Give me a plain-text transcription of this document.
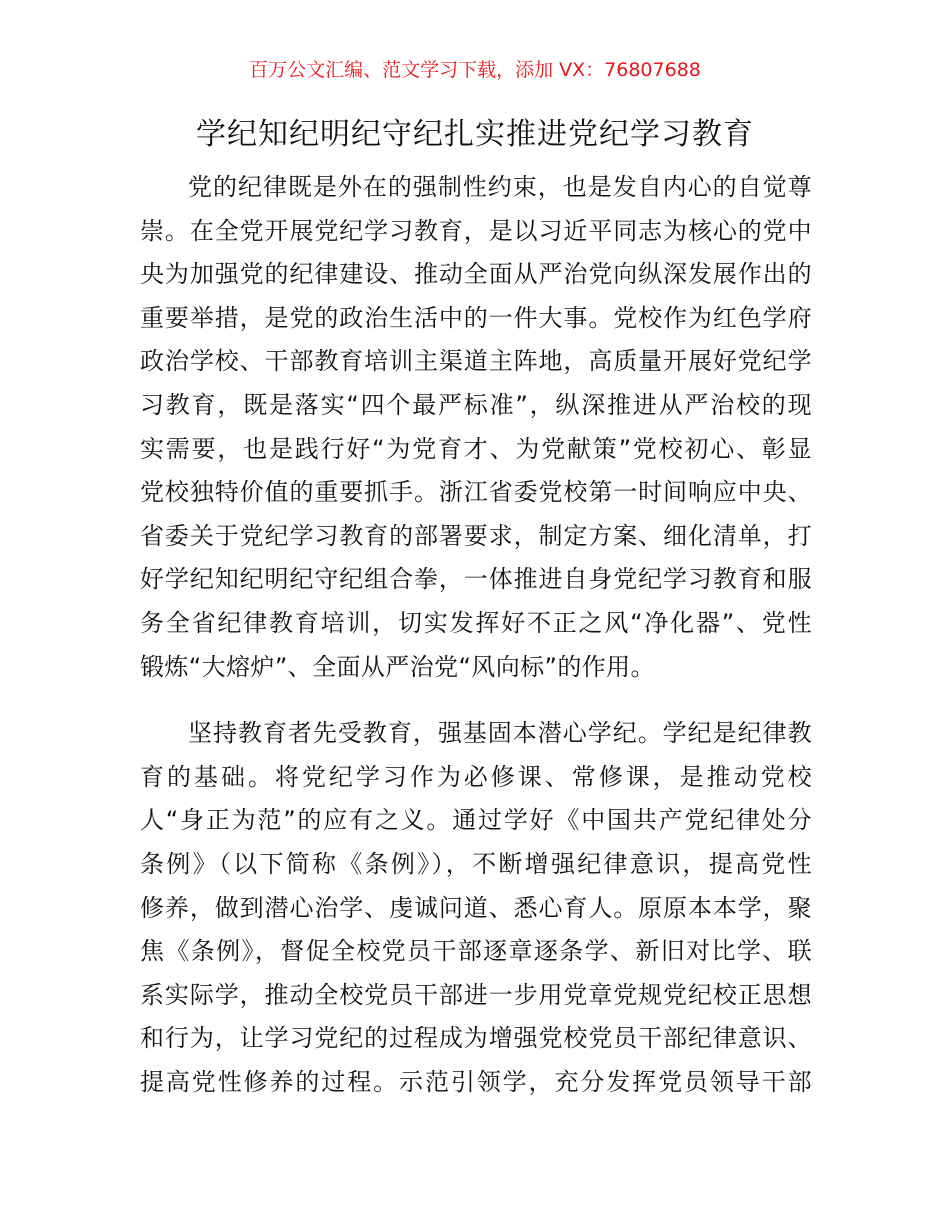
百万公文汇编、范文学习下载，添加 VX：76807688
学纪知纪明纪守纪扎实推进党纪学习教育

党的纪律既是外在的强制性约束，也是发自内心的自觉尊
崇。在全党开展党纪学习教育，是以习近平同志为核心的党中
央为加强党的纪律建设、推动全面从严治党向纵深发展作出的
重要举措，是党的政治生活中的一件大事。党校作为红色学府
政治学校、干部教育培训主渠道主阵地，高质量开展好党纪学
习教育，既是落实“四个最严标准”，纵深推进从严治校的现
实需要，也是践行好“为党育才、为党献策”党校初心、彰显
党校独特价值的重要抓手。浙江省委党校第一时间响应中央、
省委关于党纪学习教育的部署要求，制定方案、细化清单，打
好学纪知纪明纪守纪组合拳，一体推进自身党纪学习教育和服
务全省纪律教育培训，切实发挥好不正之风“净化器”、党性
锻炼“大熔炉”、全面从严治党“风向标”的作用。

坚持教育者先受教育，强基固本潜心学纪。学纪是纪律教
育的基础。将党纪学习作为必修课、常修课，是推动党校
人“身正为范”的应有之义。通过学好《中国共产党纪律处分
条例》（以下简称《条例》），不断增强纪律意识，提高党性
修养，做到潜心治学、虔诚问道、悉心育人。原原本本学，聚
焦《条例》，督促全校党员干部逐章逐条学、新旧对比学、联
系实际学，推动全校党员干部进一步用党章党规党纪校正思想
和行为，让学习党纪的过程成为增强党校党员干部纪律意识、
提高党性修养的过程。示范引领学，充分发挥党员领导干部
